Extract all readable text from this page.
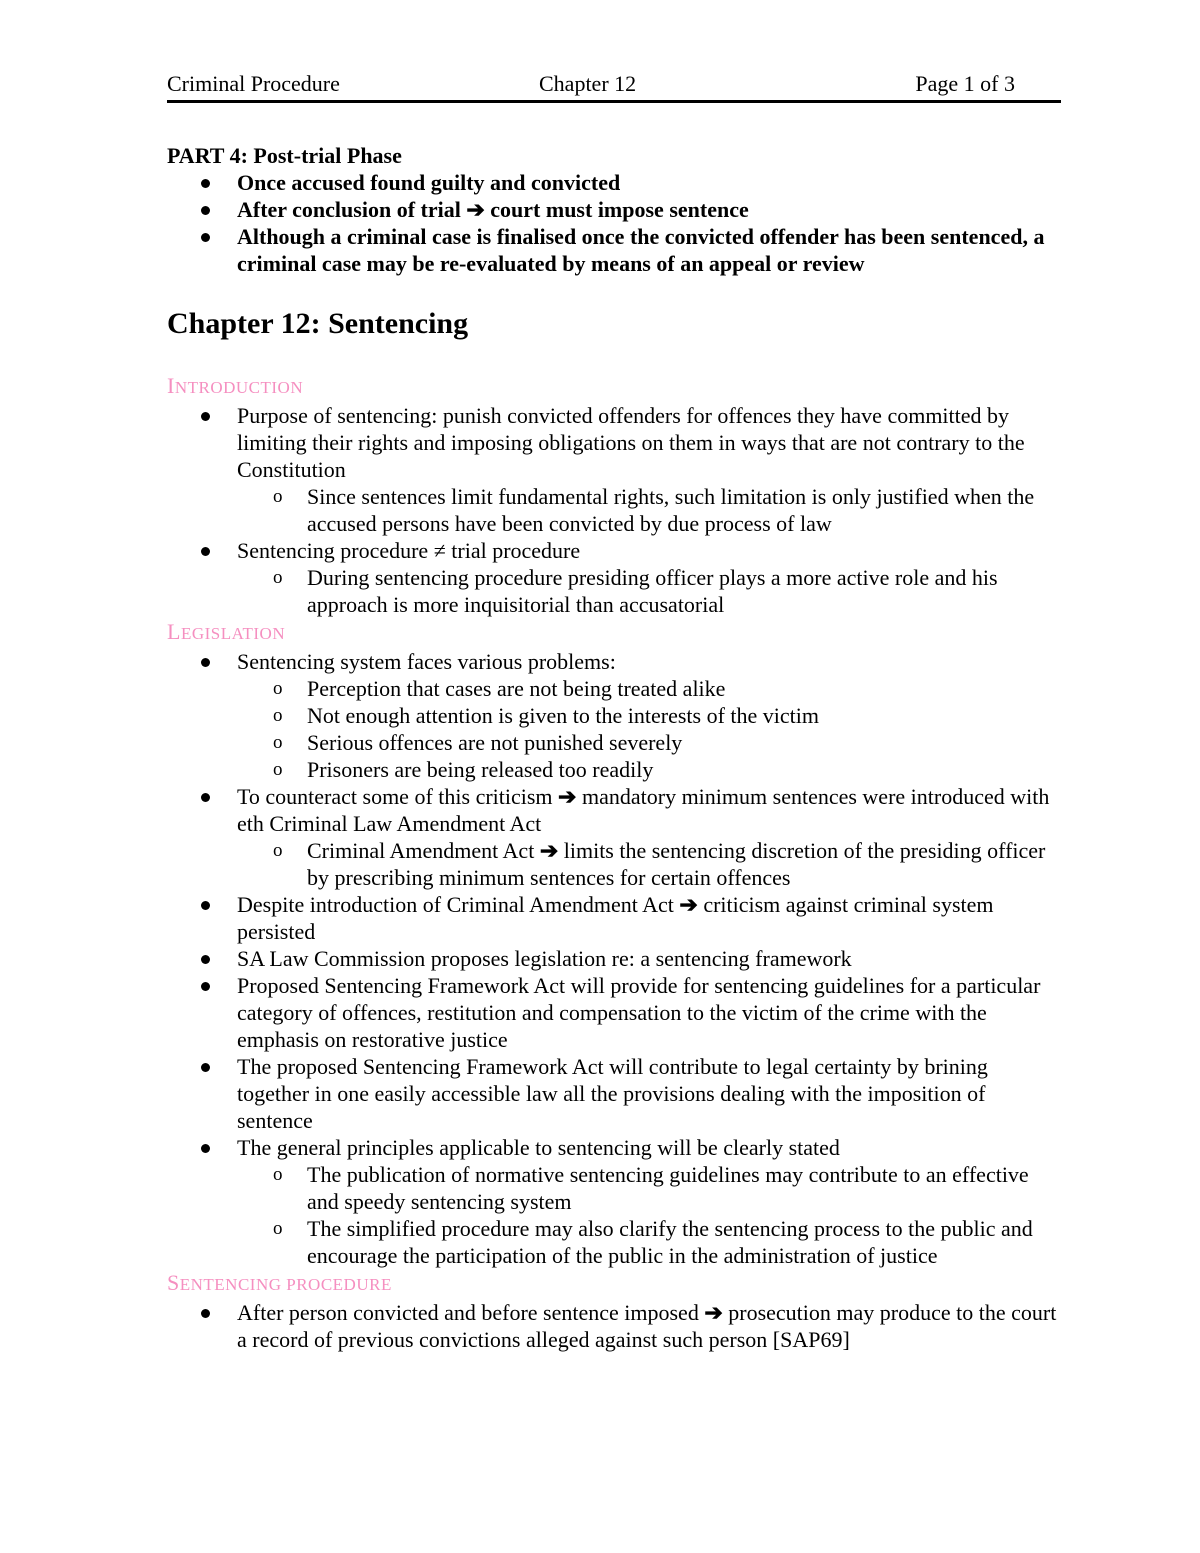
Criminal Procedure	Chapter 12	Page 1 of 3

PART 4: Post-trial Phase

Once accused found guilty and convicted
After conclusion of trial ➔ court must impose sentence
Although a criminal case is finalised once the convicted offender has been sentenced, a criminal case may be re-evaluated by means of an appeal or review
Chapter 12: Sentencing

INTRODUCTION

Purpose of sentencing: punish convicted offenders for offences they have committed by limiting their rights and imposing obligations on them in ways that are not contrary to the Constitution
o Since sentences limit fundamental rights, such limitation is only justified when the accused persons have been convicted by due process of law
Sentencing procedure ≠ trial procedure
o During sentencing procedure presiding officer plays a more active role and his approach is more inquisitorial than accusatorial

LEGISLATION

Sentencing system faces various problems:
o Perception that cases are not being treated alike
o Not enough attention is given to the interests of the victim
o Serious offences are not punished severely
o Prisoners are being released too readily
To counteract some of this criticism ➔ mandatory minimum sentences were introduced with eth Criminal Law Amendment Act
o Criminal Amendment Act ➔ limits the sentencing discretion of the presiding officer by prescribing minimum sentences for certain offences
Despite introduction of Criminal Amendment Act ➔ criticism against criminal system persisted
SA Law Commission proposes legislation re: a sentencing framework
Proposed Sentencing Framework Act will provide for sentencing guidelines for a particular category of offences, restitution and compensation to the victim of the crime with the emphasis on restorative justice
The proposed Sentencing Framework Act will contribute to legal certainty by brining together in one easily accessible law all the provisions dealing with the imposition of sentence
The general principles applicable to sentencing will be clearly stated
o The publication of normative sentencing guidelines may contribute to an effective and speedy sentencing system
o The simplified procedure may also clarify the sentencing process to the public and encourage the participation of the public in the administration of justice

SENTENCING PROCEDURE

After person convicted and before sentence imposed ➔ prosecution may produce to the court a record of previous convictions alleged against such person [SAP69]
